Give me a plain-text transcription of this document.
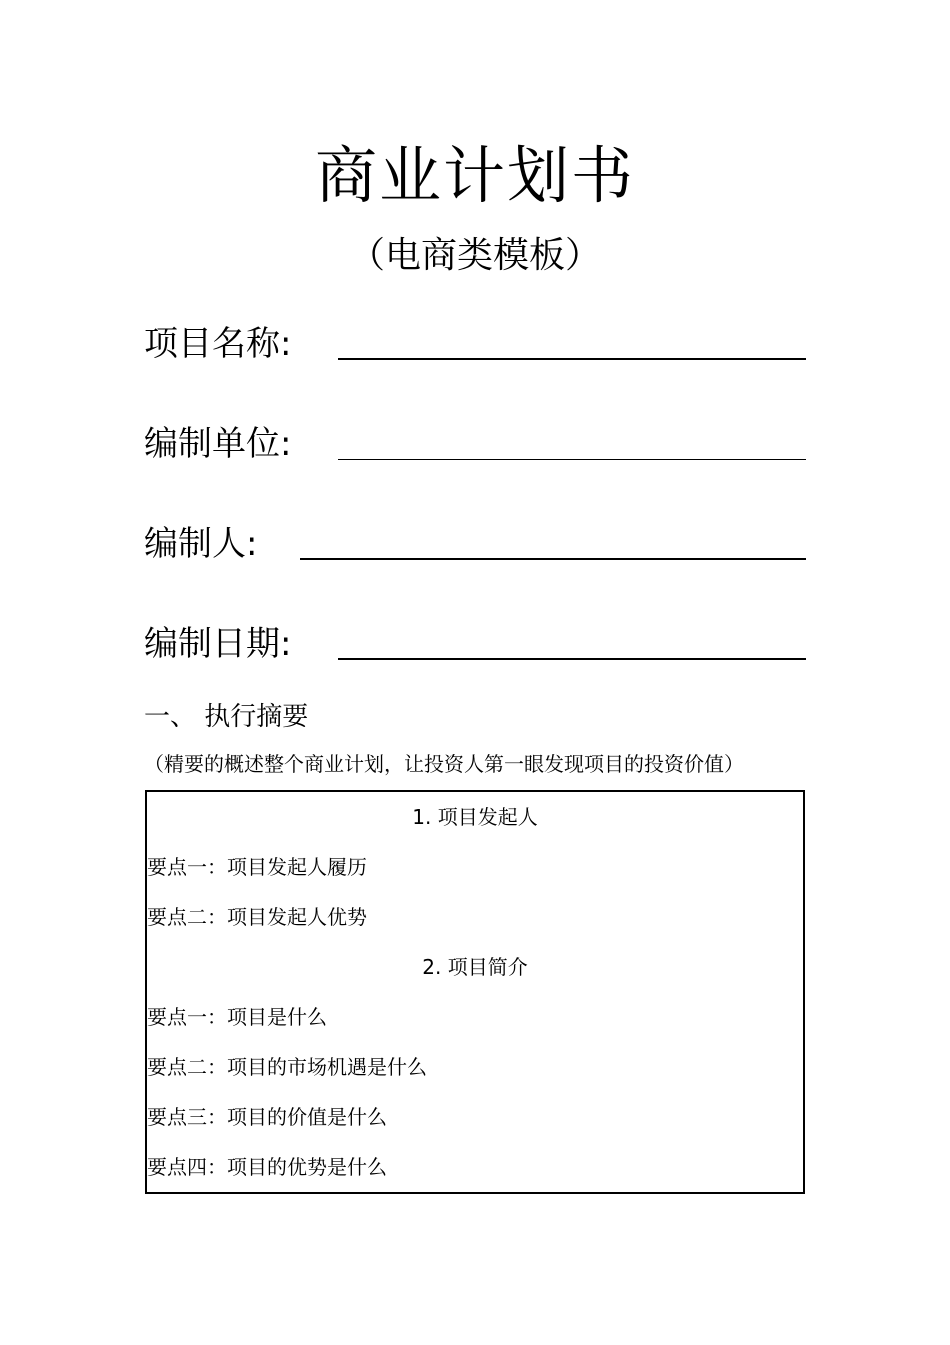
商业计划书
（电商类模板）
项目名称:
编制单位:
编制人:
编制日期:
一、 执行摘要
（精要的概述整个商业计划，让投资人第一眼发现项目的投资价值）
1. 项目发起人
要点一：项目发起人履历
要点二：项目发起人优势
2. 项目简介
要点一：项目是什么
要点二：项目的市场机遇是什么
要点三：项目的价值是什么
要点四：项目的优势是什么
